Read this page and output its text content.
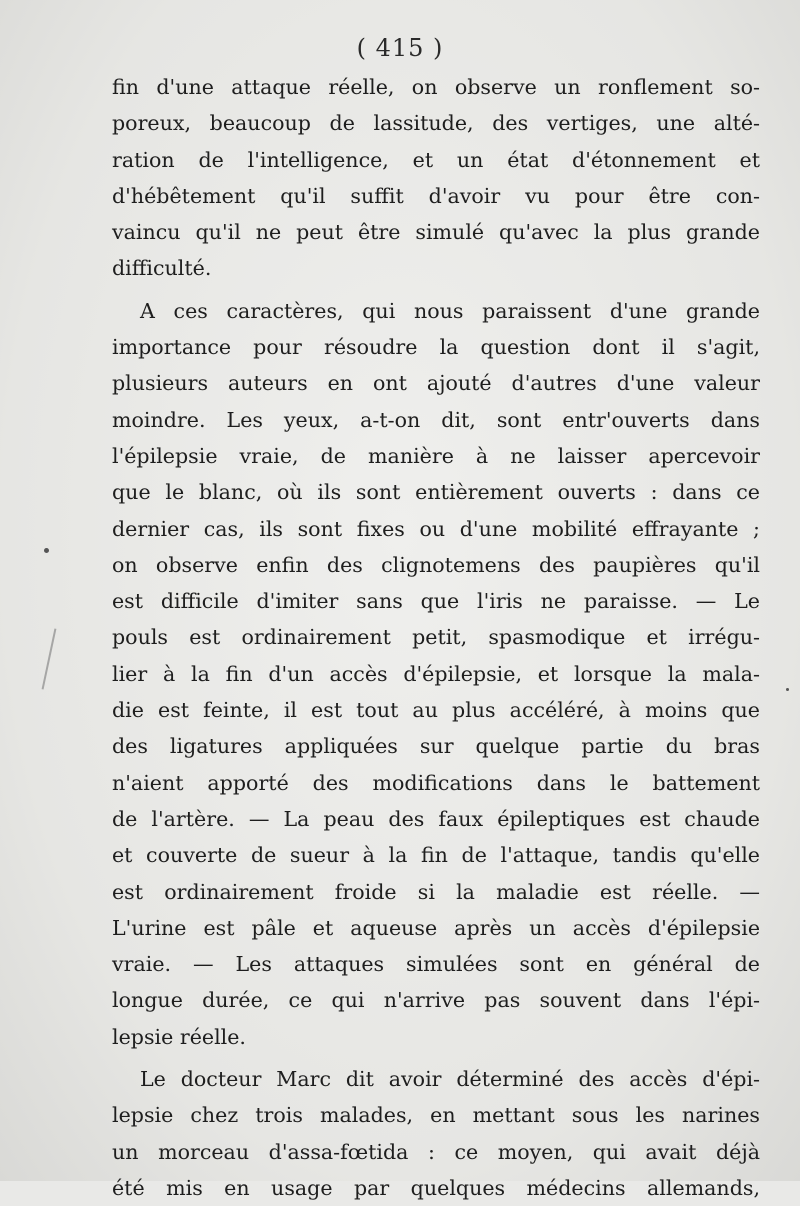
( 415 )
fin d'une attaque réelle, on observe un ronflement so-
poreux, beaucoup de lassitude, des vertiges, une alté-
ration de l'intelligence, et un état d'étonnement et
d'hébêtement qu'il suffit d'avoir vu pour être con-
vaincu qu'il ne peut être simulé qu'avec la plus grande
difficulté.
A ces caractères, qui nous paraissent d'une grande
importance pour résoudre la question dont il s'agit,
plusieurs auteurs en ont ajouté d'autres d'une valeur
moindre. Les yeux, a-t-on dit, sont entr'ouverts dans
l'épilepsie vraie, de manière à ne laisser apercevoir
que le blanc, où ils sont entièrement ouverts : dans ce
dernier cas, ils sont fixes ou d'une mobilité effrayante ;
on observe enfin des clignotemens des paupières qu'il
est difficile d'imiter sans que l'iris ne paraisse. — Le
pouls est ordinairement petit, spasmodique et irrégu-
lier à la fin d'un accès d'épilepsie, et lorsque la mala-
die est feinte, il est tout au plus accéléré, à moins que
des ligatures appliquées sur quelque partie du bras
n'aient apporté des modifications dans le battement
de l'artère. — La peau des faux épileptiques est chaude
et couverte de sueur à la fin de l'attaque, tandis qu'elle
est ordinairement froide si la maladie est réelle. —
L'urine est pâle et aqueuse après un accès d'épilepsie
vraie. — Les attaques simulées sont en général de
longue durée, ce qui n'arrive pas souvent dans l'épi-
lepsie réelle.
Le docteur Marc dit avoir déterminé des accès d'épi-
lepsie chez trois malades, en mettant sous les narines
un morceau d'assa-fœtida : ce moyen, qui avait déjà
été mis en usage par quelques médecins allemands,
